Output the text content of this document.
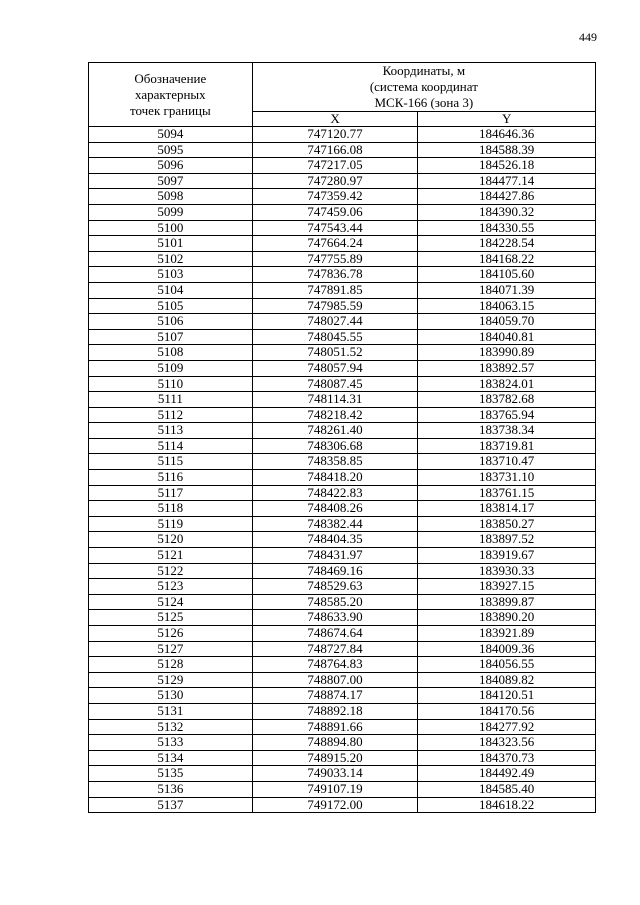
449
Обозначение
характерных
точек границы	Координаты, м
(система координат
МСК-166 (зона 3)	
	X	Y
5094	747120.77	184646.36
5095	747166.08	184588.39
5096	747217.05	184526.18
5097	747280.97	184477.14
5098	747359.42	184427.86
5099	747459.06	184390.32
5100	747543.44	184330.55
5101	747664.24	184228.54
5102	747755.89	184168.22
5103	747836.78	184105.60
5104	747891.85	184071.39
5105	747985.59	184063.15
5106	748027.44	184059.70
5107	748045.55	184040.81
5108	748051.52	183990.89
5109	748057.94	183892.57
5110	748087.45	183824.01
5111	748114.31	183782.68
5112	748218.42	183765.94
5113	748261.40	183738.34
5114	748306.68	183719.81
5115	748358.85	183710.47
5116	748418.20	183731.10
5117	748422.83	183761.15
5118	748408.26	183814.17
5119	748382.44	183850.27
5120	748404.35	183897.52
5121	748431.97	183919.67
5122	748469.16	183930.33
5123	748529.63	183927.15
5124	748585.20	183899.87
5125	748633.90	183890.20
5126	748674.64	183921.89
5127	748727.84	184009.36
5128	748764.83	184056.55
5129	748807.00	184089.82
5130	748874.17	184120.51
5131	748892.18	184170.56
5132	748891.66	184277.92
5133	748894.80	184323.56
5134	748915.20	184370.73
5135	749033.14	184492.49
5136	749107.19	184585.40
5137	749172.00	184618.22
